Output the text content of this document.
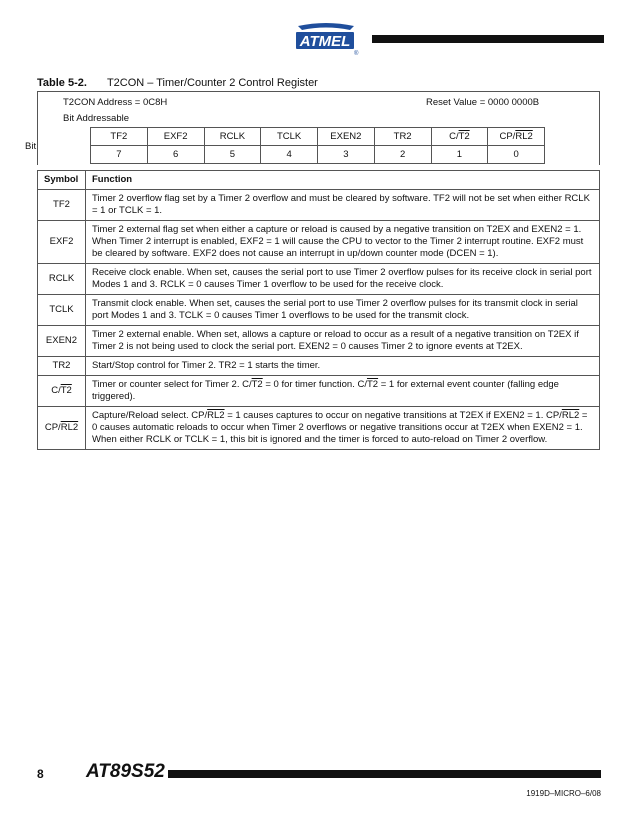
ATMEL
®
Table 5-2. T2CON – Timer/Counter 2 Control Register
T2CON Address = 0C8H	Reset Value = 0000 0000B
Bit Addressable
Bit
TF2	EXF2	RCLK	TCLK	EXEN2	TR2	C/T2	CP/RL2
7	6	5	4	3	2	1	0
Symbol	Function
TF2	Timer 2 overflow flag set by a Timer 2 overflow and must be cleared by software. TF2 will not be set when either RCLK = 1 or TCLK = 1.
EXF2	Timer 2 external flag set when either a capture or reload is caused by a negative transition on T2EX and EXEN2 = 1. When Timer 2 interrupt is enabled, EXF2 = 1 will cause the CPU to vector to the Timer 2 interrupt routine. EXF2 must be cleared by software. EXF2 does not cause an interrupt in up/down counter mode (DCEN = 1).
RCLK	Receive clock enable. When set, causes the serial port to use Timer 2 overflow pulses for its receive clock in serial port Modes 1 and 3. RCLK = 0 causes Timer 1 overflow to be used for the receive clock.
TCLK	Transmit clock enable. When set, causes the serial port to use Timer 2 overflow pulses for its transmit clock in serial port Modes 1 and 3. TCLK = 0 causes Timer 1 overflows to be used for the transmit clock.
EXEN2	Timer 2 external enable. When set, allows a capture or reload to occur as a result of a negative transition on T2EX if Timer 2 is not being used to clock the serial port. EXEN2 = 0 causes Timer 2 to ignore events at T2EX.
TR2	Start/Stop control for Timer 2. TR2 = 1 starts the timer.
C/T2	Timer or counter select for Timer 2. C/T2 = 0 for timer function. C/T2 = 1 for external event counter (falling edge triggered).
CP/RL2	Capture/Reload select. CP/RL2 = 1 causes captures to occur on negative transitions at T2EX if EXEN2 = 1. CP/RL2 = 0 causes automatic reloads to occur when Timer 2 overflows or negative transitions occur at T2EX when EXEN2 = 1. When either RCLK or TCLK = 1, this bit is ignored and the timer is forced to auto-reload on Timer 2 overflow.
8 AT89S52
1919D–MICRO–6/08
